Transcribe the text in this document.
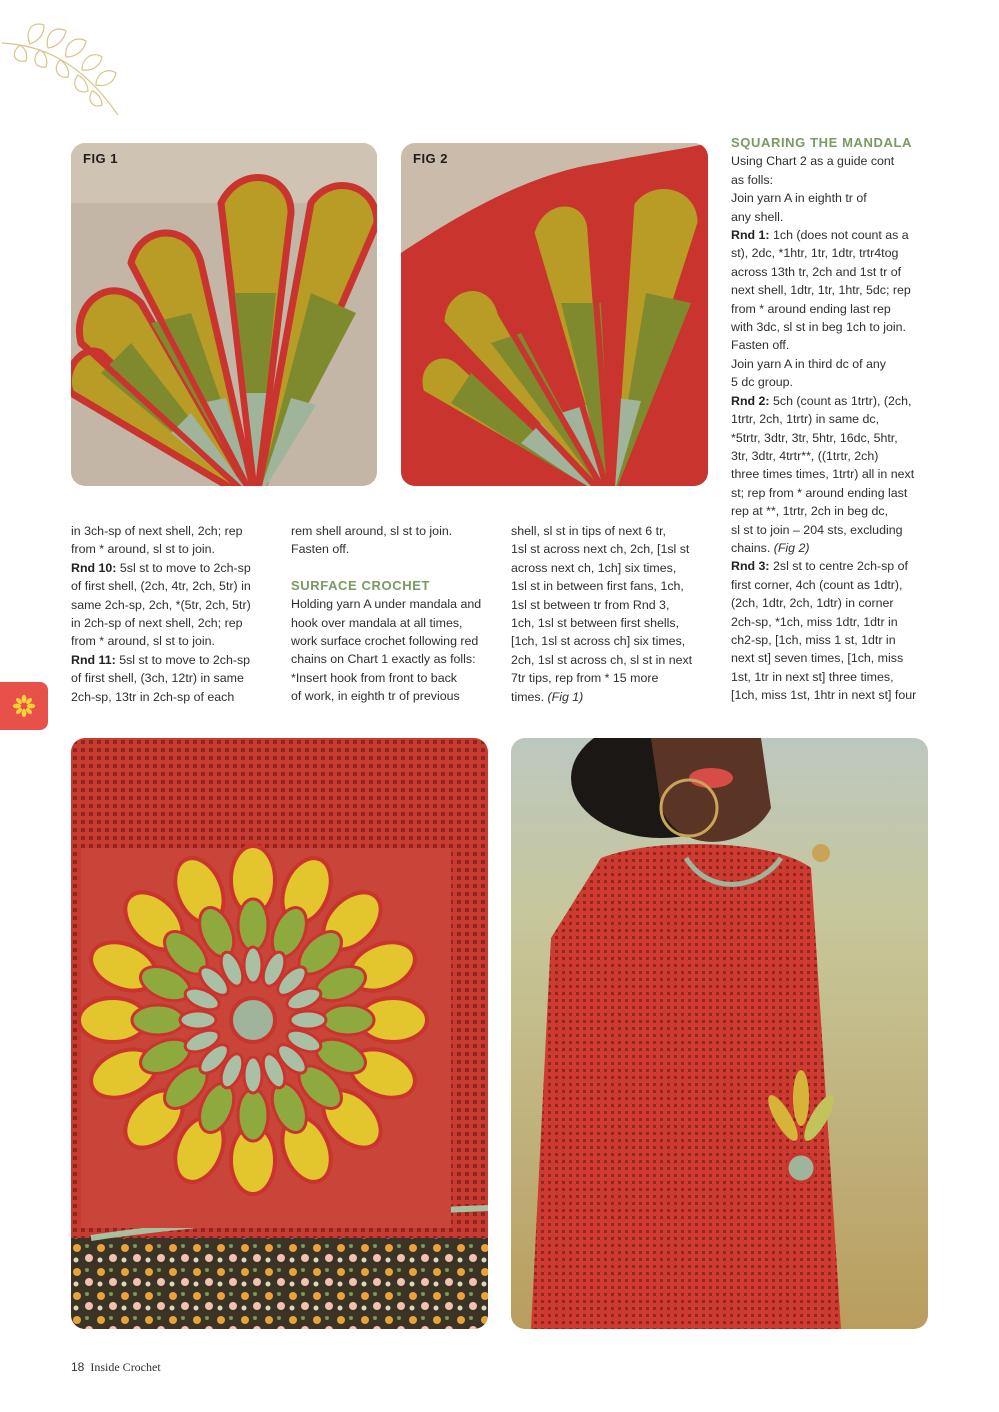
FIG 1	FIG 2

SQUARING THE MANDALA

Using Chart 2 as a guide cont

as folls:

Join yarn A in eighth tr of

any shell.

Rnd 1: 1ch (does not count as a

st), 2dc, *1htr, 1tr, 1dtr, trtr4tog

across 13th tr, 2ch and 1st tr of

next shell, 1dtr, 1tr, 1htr, 5dc; rep

from * around ending last rep

with 3dc, sl st in beg 1ch to join.

Fasten off.

Join yarn A in third dc of any

5 dc group.

Rnd 2: 5ch (count as 1trtr), (2ch,

1trtr, 2ch, 1trtr) in same dc,

*5trtr, 3dtr, 3tr, 5htr, 16dc, 5htr,

3tr, 3dtr, 4trtr**, ((1trtr, 2ch)

three times times, 1trtr) all in next

st; rep from * around ending last

rep at **, 1trtr, 2ch in beg dc,

sl st to join – 204 sts, excluding

chains. (Fig 2)

Rnd 3: 2sl st to centre 2ch-sp of

first corner, 4ch (count as 1dtr),

(2ch, 1dtr, 2ch, 1dtr) in corner

2ch-sp, *1ch, miss 1dtr, 1dtr in

ch2-sp, [1ch, miss 1 st, 1dtr in

next st] seven times, [1ch, miss

1st, 1tr in next st] three times,

[1ch, miss 1st, 1htr in next st] four

in 3ch-sp of next shell, 2ch; rep

from * around, sl st to join.

Rnd 10: 5sl st to move to 2ch-sp

of first shell, (2ch, 4tr, 2ch, 5tr) in

same 2ch-sp, 2ch, *(5tr, 2ch, 5tr)

in 2ch-sp of next shell, 2ch; rep

from * around, sl st to join.

Rnd 11: 5sl st to move to 2ch-sp

of first shell, (3ch, 12tr) in same

2ch-sp, 13tr in 2ch-sp of each

rem shell around, sl st to join.

Fasten off.

SURFACE CROCHET

Holding yarn A under mandala and

hook over mandala at all times,

work surface crochet following red

chains on Chart 1 exactly as folls:

*Insert hook from front to back

of work, in eighth tr of previous

shell, sl st in tips of next 6 tr,

1sl st across next ch, 2ch, [1sl st

across next ch, 1ch] six times,

1sl st in between first fans, 1ch,

1sl st between tr from Rnd 3,

1ch, 1sl st between first shells,

[1ch, 1sl st across ch] six times,

2ch, 1sl st across ch, sl st in next

7tr tips, rep from * 15 more

times. (Fig 1)

18 Inside Crochet
